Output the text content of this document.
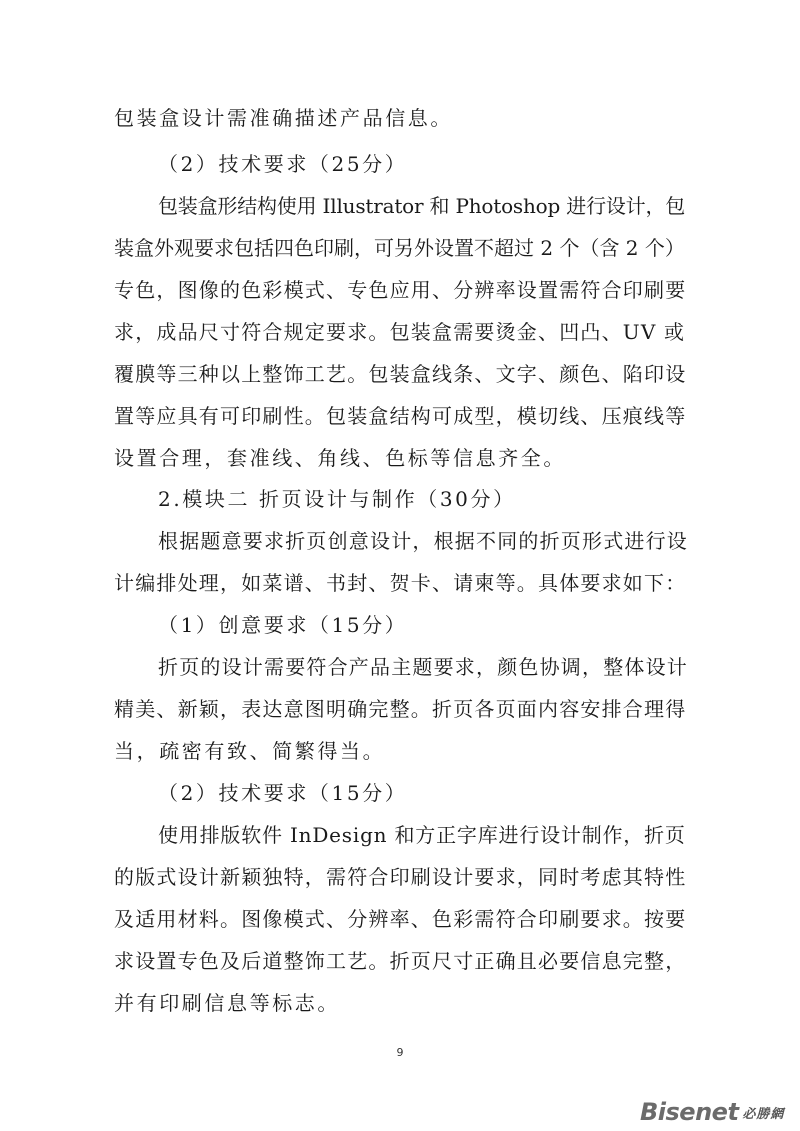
包装盒设计需准确描述产品信息。
（2）技术要求（25分）
包装盒形结构使用 Illustrator 和 Photoshop 进行设计，包
装盒外观要求包括四色印刷，可另外设置不超过 2 个（含 2 个）
专色，图像的色彩模式、专色应用、分辨率设置需符合印刷要
求，成品尺寸符合规定要求。包装盒需要烫金、凹凸、UV 或
覆膜等三种以上整饰工艺。包装盒线条、文字、颜色、陷印设
置等应具有可印刷性。包装盒结构可成型，模切线、压痕线等
设置合理，套准线、角线、色标等信息齐全。
2.模块二 折页设计与制作（30分）
根据题意要求折页创意设计，根据不同的折页形式进行设
计编排处理，如菜谱、书封、贺卡、请柬等。具体要求如下：
（1）创意要求（15分）
折页的设计需要符合产品主题要求，颜色协调，整体设计
精美、新颖，表达意图明确完整。折页各页面内容安排合理得
当，疏密有致、简繁得当。
（2）技术要求（15分）
使用排版软件 InDesign 和方正字库进行设计制作，折页
的版式设计新颖独特，需符合印刷设计要求，同时考虑其特性
及适用材料。图像模式、分辨率、色彩需符合印刷要求。按要
求设置专色及后道整饰工艺。折页尺寸正确且必要信息完整，
并有印刷信息等标志。
9
Bisenet 必勝網
